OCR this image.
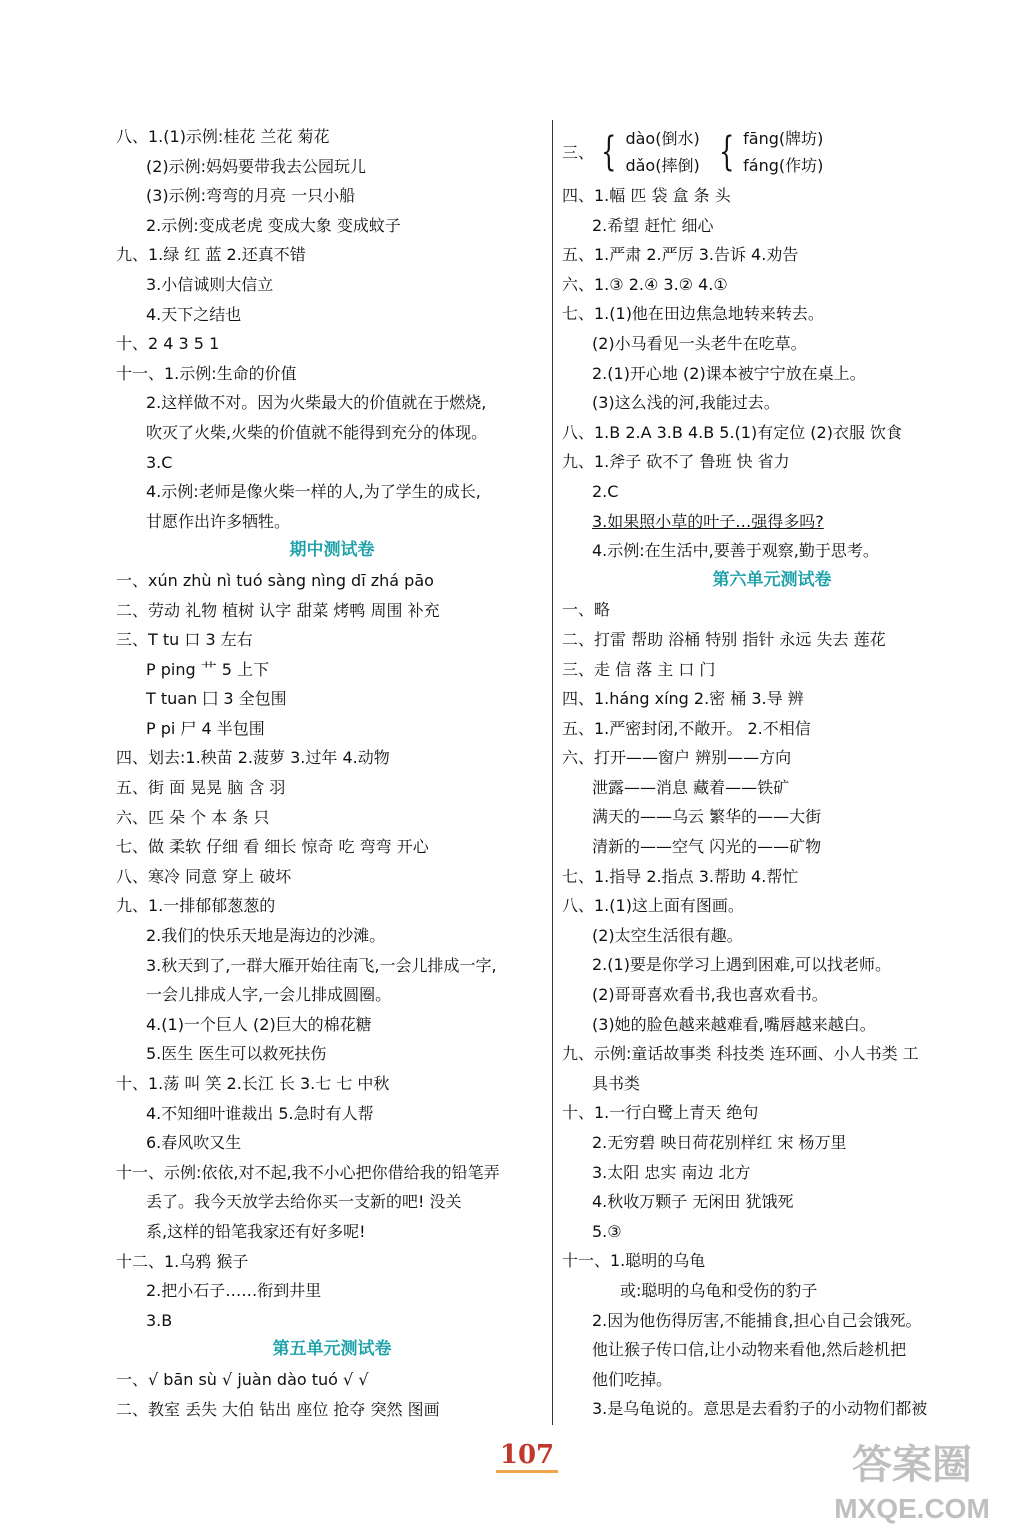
八、1.(1)示例:桂花 兰花 菊花
(2)示例:妈妈要带我去公园玩儿
(3)示例:弯弯的月亮 一只小船
2.示例:变成老虎 变成大象 变成蚊子
九、1.绿 红 蓝 2.还真不错
3.小信诚则大信立
4.天下之结也
十、2 4 3 5 1
十一、1.示例:生命的价值
2.这样做不对。因为火柴最大的价值就在于燃烧,
吹灭了火柴,火柴的价值就不能得到充分的体现。
3.C
4.示例:老师是像火柴一样的人,为了学生的成长,
甘愿作出许多牺牲。
期中测试卷
一、xún zhù nì tuó sàng nìng dī zhá pāo
二、劳动 礼物 植树 认字 甜菜 烤鸭 周围 补充
三、T tu 口 3 左右
P ping 艹 5 上下
T tuan 囗 3 全包围
P pi 尸 4 半包围
四、划去:1.秧苗 2.菠萝 3.过年 4.动物
五、街 面 晃晃 脑 含 羽
六、匹 朵 个 本 条 只
七、做 柔软 仔细 看 细长 惊奇 吃 弯弯 开心
八、寒冷 同意 穿上 破坏
九、1.一排郁郁葱葱的
2.我们的快乐天地是海边的沙滩。
3.秋天到了,一群大雁开始往南飞,一会儿排成一字,
一会儿排成人字,一会儿排成圆圈。
4.(1)一个巨人 (2)巨大的棉花糖
5.医生 医生可以救死扶伤
十、1.荡 叫 笑 2.长江 长 3.七 七 中秋
4.不知细叶谁裁出 5.急时有人帮
6.春风吹又生
十一、示例:依依,对不起,我不小心把你借给我的铅笔弄
丢了。我今天放学去给你买一支新的吧! 没关
系,这样的铅笔我家还有好多呢!
十二、1.乌鸦 猴子
2.把小石子……衔到井里
3.B
第五单元测试卷
一、√ bān sù √ juàn dào tuó √ √
二、教室 丢失 大伯 钻出 座位 抢夺 突然 图画
三、 { dào(倒水)
dǎo(摔倒) { fāng(牌坊)
fáng(作坊)
四、1.幅 匹 袋 盒 条 头
2.希望 赶忙 细心
五、1.严肃 2.严厉 3.告诉 4.劝告
六、1.③ 2.④ 3.② 4.①
七、1.(1)他在田边焦急地转来转去。
(2)小马看见一头老牛在吃草。
2.(1)开心地 (2)课本被宁宁放在桌上。
(3)这么浅的河,我能过去。
八、1.B 2.A 3.B 4.B 5.(1)有定位 (2)衣服 饮食
九、1.斧子 砍不了 鲁班 快 省力
2.C
3.如果照小草的叶子…强得多吗?
4.示例:在生活中,要善于观察,勤于思考。
第六单元测试卷
一、略
二、打雷 帮助 浴桶 特别 指针 永远 失去 莲花
三、走 信 落 主 口 门
四、1.háng xíng 2.密 桶 3.导 辨
五、1.严密封闭,不敞开。 2.不相信
六、打开——窗户 辨别——方向
泄露——消息 藏着——铁矿
满天的——乌云 繁华的——大街
清新的——空气 闪光的——矿物
七、1.指导 2.指点 3.帮助 4.帮忙
八、1.(1)这上面有图画。
(2)太空生活很有趣。
2.(1)要是你学习上遇到困难,可以找老师。
(2)哥哥喜欢看书,我也喜欢看书。
(3)她的脸色越来越难看,嘴唇越来越白。
九、示例:童话故事类 科技类 连环画、小人书类 工
具书类
十、1.一行白鹭上青天 绝句
2.无穷碧 映日荷花别样红 宋 杨万里
3.太阳 忠实 南边 北方
4.秋收万颗子 无闲田 犹饿死
5.③
十一、1.聪明的乌龟
或:聪明的乌龟和受伤的豹子
2.因为他伤得厉害,不能捕食,担心自己会饿死。
他让猴子传口信,让小动物来看他,然后趁机把
他们吃掉。
3.是乌龟说的。意思是去看豹子的小动物们都被
107	答案圈
MXQE.COM
